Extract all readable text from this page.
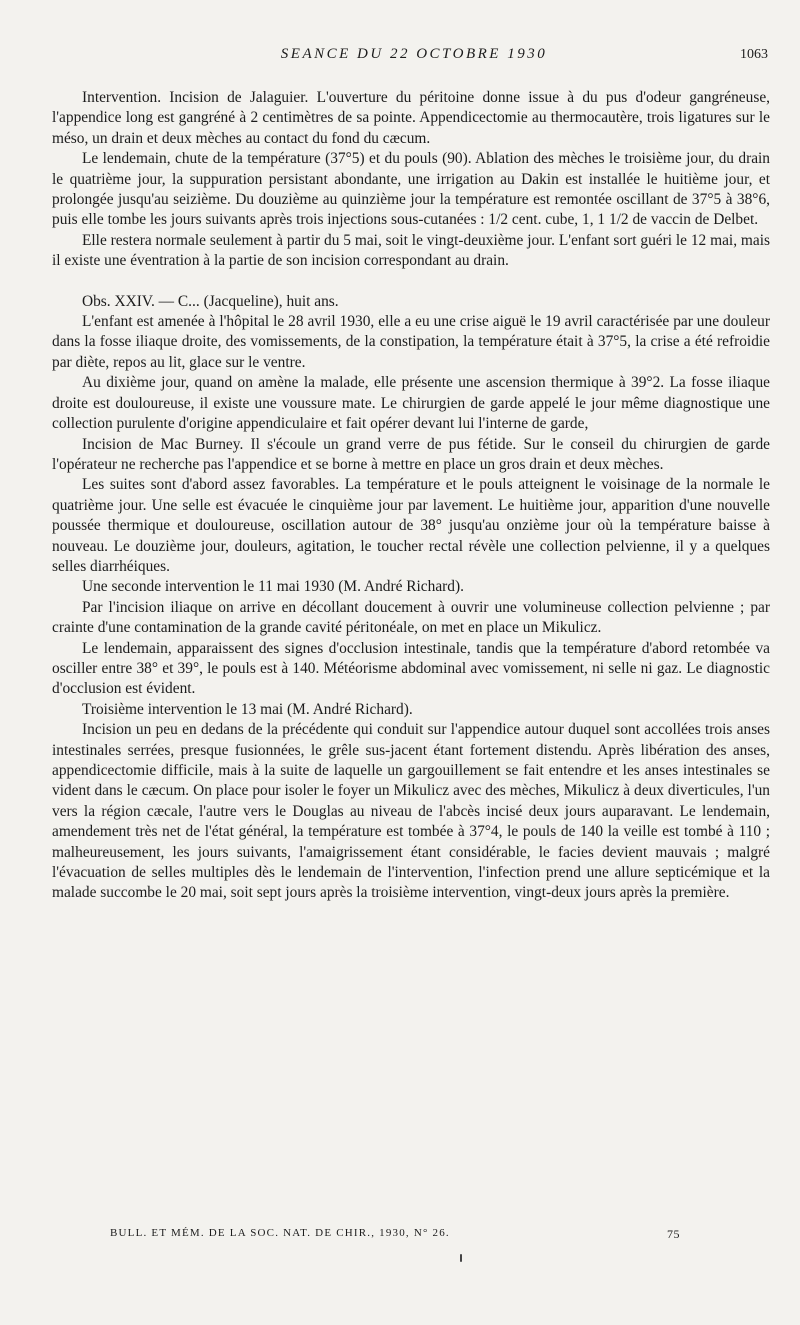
SEANCE DU 22 OCTOBRE 1930	1063

Intervention. Incision de Jalaguier. L'ouverture du péritoine donne issue à du pus d'odeur gangréneuse, l'appendice long est gangréné à 2 centimètres de sa pointe. Appendicectomie au thermocautère, trois ligatures sur le méso, un drain et deux mèches au contact du fond du cæcum.

Le lendemain, chute de la température (37°5) et du pouls (90). Ablation des mèches le troisième jour, du drain le quatrième jour, la suppuration persistant abondante, une irrigation au Dakin est installée le huitième jour, et prolongée jusqu'au seizième. Du douzième au quinzième jour la température est remontée oscillant de 37°5 à 38°6, puis elle tombe les jours suivants après trois injections sous-cutanées : 1/2 cent. cube, 1, 1 1/2 de vaccin de Delbet.

Elle restera normale seulement à partir du 5 mai, soit le vingt-deuxième jour. L'enfant sort guéri le 12 mai, mais il existe une éventration à la partie de son incision correspondant au drain.

Obs. XXIV. — C... (Jacqueline), huit ans.

L'enfant est amenée à l'hôpital le 28 avril 1930, elle a eu une crise aiguë le 19 avril caractérisée par une douleur dans la fosse iliaque droite, des vomissements, de la constipation, la température était à 37°5, la crise a été refroidie par diète, repos au lit, glace sur le ventre.

Au dixième jour, quand on amène la malade, elle présente une ascension thermique à 39°2. La fosse iliaque droite est douloureuse, il existe une voussure mate. Le chirurgien de garde appelé le jour même diagnostique une collection purulente d'origine appendiculaire et fait opérer devant lui l'interne de garde,

Incision de Mac Burney. Il s'écoule un grand verre de pus fétide. Sur le conseil du chirurgien de garde l'opérateur ne recherche pas l'appendice et se borne à mettre en place un gros drain et deux mèches.

Les suites sont d'abord assez favorables. La température et le pouls atteignent le voisinage de la normale le quatrième jour. Une selle est évacuée le cinquième jour par lavement. Le huitième jour, apparition d'une nouvelle poussée thermique et douloureuse, oscillation autour de 38° jusqu'au onzième jour où la température baisse à nouveau. Le douzième jour, douleurs, agitation, le toucher rectal révèle une collection pelvienne, il y a quelques selles diarrhéiques.

Une seconde intervention le 11 mai 1930 (M. André Richard).

Par l'incision iliaque on arrive en décollant doucement à ouvrir une volumineuse collection pelvienne ; par crainte d'une contamination de la grande cavité péritonéale, on met en place un Mikulicz.

Le lendemain, apparaissent des signes d'occlusion intestinale, tandis que la température d'abord retombée va osciller entre 38° et 39°, le pouls est à 140. Météorisme abdominal avec vomissement, ni selle ni gaz. Le diagnostic d'occlusion est évident.

Troisième intervention le 13 mai (M. André Richard).

Incision un peu en dedans de la précédente qui conduit sur l'appendice autour duquel sont accollées trois anses intestinales serrées, presque fusionnées, le grêle sus-jacent étant fortement distendu. Après libération des anses, appendicectomie difficile, mais à la suite de laquelle un gargouillement se fait entendre et les anses intestinales se vident dans le cæcum. On place pour isoler le foyer un Mikulicz avec des mèches, Mikulicz à deux diverticules, l'un vers la région cæcale, l'autre vers le Douglas au niveau de l'abcès incisé deux jours auparavant. Le lendemain, amendement très net de l'état général, la température est tombée à 37°4, le pouls de 140 la veille est tombé à 110 ; malheureusement, les jours suivants, l'amaigrissement étant considérable, le facies devient mauvais ; malgré l'évacuation de selles multiples dès le lendemain de l'intervention, l'infection prend une allure septicémique et la malade succombe le 20 mai, soit sept jours après la troisième intervention, vingt-deux jours après la première.

BULL. ET MÉM. DE LA SOC. NAT. DE CHIR., 1930, N° 26.	75
